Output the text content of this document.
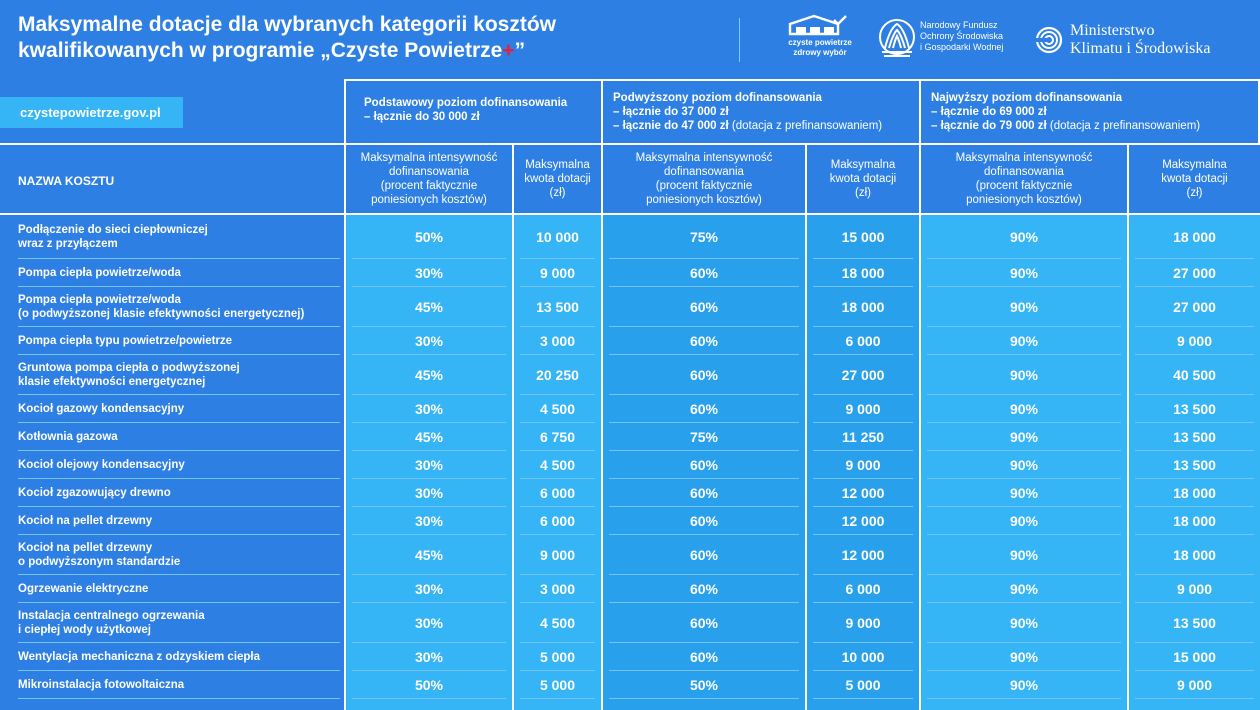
Maksymalne dotacje dla wybranych kategorii kosztów
kwalifikowanych w programie „Czyste Powietrze+”	czyste powietrze
zdrowy wybór
Narodowy Fundusz
Ochrony Środowiska
i Gospodarki Wodnej
Ministerstwo
Klimatu i Środowiska
czystepowietrze.gov.pl
Podstawowy poziom dofinansowania
– łącznie do 30 000 zł
Podwyższony poziom dofinansowania
– łącznie do 37 000 zł
– łącznie do 47 000 zł (dotacja z prefinansowaniem)
Najwyższy poziom dofinansowania
– łącznie do 69 000 zł
– łącznie do 79 000 zł (dotacja z prefinansowaniem)
NAZWA KOSZTU
Maksymalna intensywność
dofinansowania
(procent faktycznie
poniesionych kosztów)
Maksymalna
kwota dotacji
(zł)
Maksymalna intensywność
dofinansowania
(procent faktycznie
poniesionych kosztów)
Maksymalna
kwota dotacji
(zł)
Maksymalna intensywność
dofinansowania
(procent faktycznie
poniesionych kosztów)
Maksymalna
kwota dotacji
(zł)
Podłączenie do sieci ciepłowniczej
wraz z przyłączem	50%	10 000	75%	15 000	90%	18 000
Pompa ciepła powietrze/woda	30%	9 000	60%	18 000	90%	27 000
Pompa ciepła powietrze/woda
(o podwyższonej klasie efektywności energetycznej)	45%	13 500	60%	18 000	90%	27 000
Pompa ciepła typu powietrze/powietrze	30%	3 000	60%	6 000	90%	9 000
Gruntowa pompa ciepła o podwyższonej
klasie efektywności energetycznej	45%	20 250	60%	27 000	90%	40 500
Kocioł gazowy kondensacyjny	30%	4 500	60%	9 000	90%	13 500
Kotłownia gazowa	45%	6 750	75%	11 250	90%	13 500
Kocioł olejowy kondensacyjny	30%	4 500	60%	9 000	90%	13 500
Kocioł zgazowujący drewno	30%	6 000	60%	12 000	90%	18 000
Kocioł na pellet drzewny	30%	6 000	60%	12 000	90%	18 000
Kocioł na pellet drzewny
o podwyższonym standardzie	45%	9 000	60%	12 000	90%	18 000
Ogrzewanie elektryczne	30%	3 000	60%	6 000	90%	9 000
Instalacja centralnego ogrzewania
i ciepłej wody użytkowej	30%	4 500	60%	9 000	90%	13 500
Wentylacja mechaniczna z odzyskiem ciepła	30%	5 000	60%	10 000	90%	15 000
Mikroinstalacja fotowoltaiczna	50%	5 000	50%	5 000	90%	9 000
